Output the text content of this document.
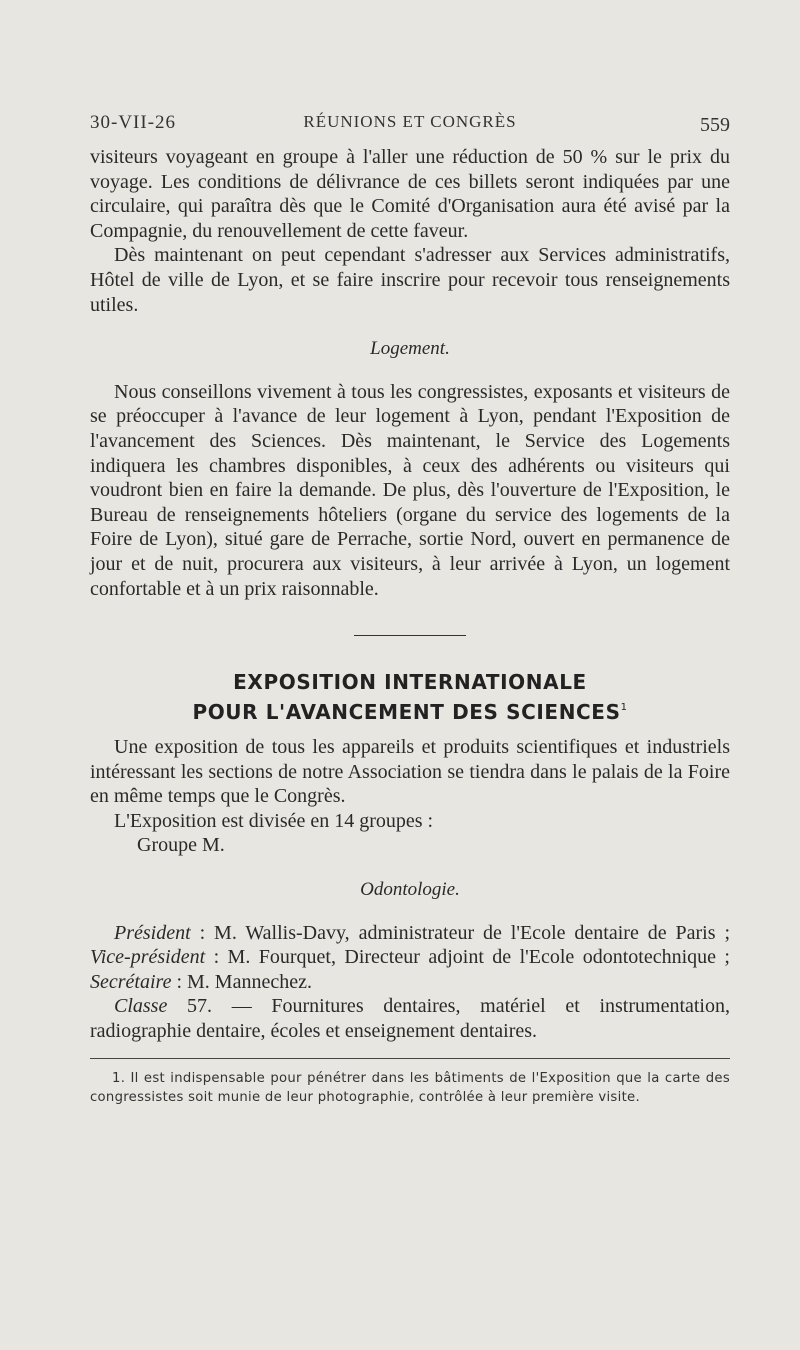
30-VII-26	RÉUNIONS ET CONGRÈS	559

visiteurs voyageant en groupe à l'aller une réduction de 50 % sur le prix du voyage. Les conditions de délivrance de ces billets seront indiquées par une circulaire, qui paraîtra dès que le Comité d'Organisation aura été avisé par la Compagnie, du renouvellement de cette faveur.

Dès maintenant on peut cependant s'adresser aux Services administratifs, Hôtel de ville de Lyon, et se faire inscrire pour recevoir tous renseignements utiles.

Logement.

Nous conseillons vivement à tous les congressistes, exposants et visiteurs de se préoccuper à l'avance de leur logement à Lyon, pendant l'Exposition de l'avancement des Sciences. Dès maintenant, le Service des Logements indiquera les chambres disponibles, à ceux des adhérents ou visiteurs qui voudront bien en faire la demande. De plus, dès l'ouverture de l'Exposition, le Bureau de renseignements hôteliers (organe du service des logements de la Foire de Lyon), situé gare de Perrache, sortie Nord, ouvert en permanence de jour et de nuit, procurera aux visiteurs, à leur arrivée à Lyon, un logement confortable et à un prix raisonnable.

EXPOSITION INTERNATIONALE
POUR L'AVANCEMENT DES SCIENCES$^1$

Une exposition de tous les appareils et produits scientifiques et industriels intéressant les sections de notre Association se tiendra dans le palais de la Foire en même temps que le Congrès.

L'Exposition est divisée en 14 groupes :

Groupe M.

Odontologie.

Président : M. Wallis-Davy, administrateur de l'Ecole dentaire de Paris ; Vice-président : M. Fourquet, Directeur adjoint de l'Ecole odontotechnique ; Secrétaire : M. Mannechez.

Classe 57. — Fournitures dentaires, matériel et instrumentation, radiographie dentaire, écoles et enseignement dentaires.

1. Il est indispensable pour pénétrer dans les bâtiments de l'Exposition que la carte des congressistes soit munie de leur photographie, contrôlée à leur première visite.
